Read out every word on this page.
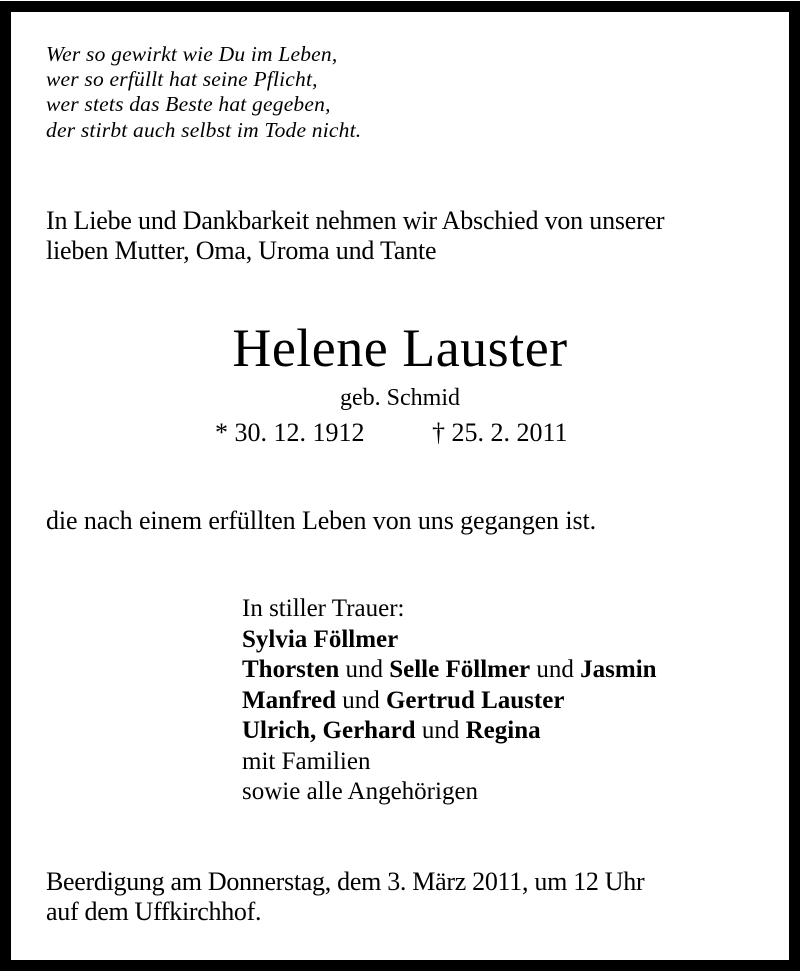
Wer so gewirkt wie Du im Leben,
wer so erfüllt hat seine Pflicht,
wer stets das Beste hat gegeben,
der stirbt auch selbst im Tode nicht.
In Liebe und Dankbarkeit nehmen wir Abschied von unserer
lieben Mutter, Oma, Uroma und Tante
Helene Lauster
geb. Schmid
* 30. 12. 1912	† 25. 2. 2011
die nach einem erfüllten Leben von uns gegangen ist.
In stiller Trauer:
Sylvia Föllmer
Thorsten und Selle Föllmer und Jasmin
Manfred und Gertrud Lauster
Ulrich, Gerhard und Regina
mit Familien
sowie alle Angehörigen
Beerdigung am Donnerstag, dem 3. März 2011, um 12 Uhr
auf dem Uffkirchhof.
